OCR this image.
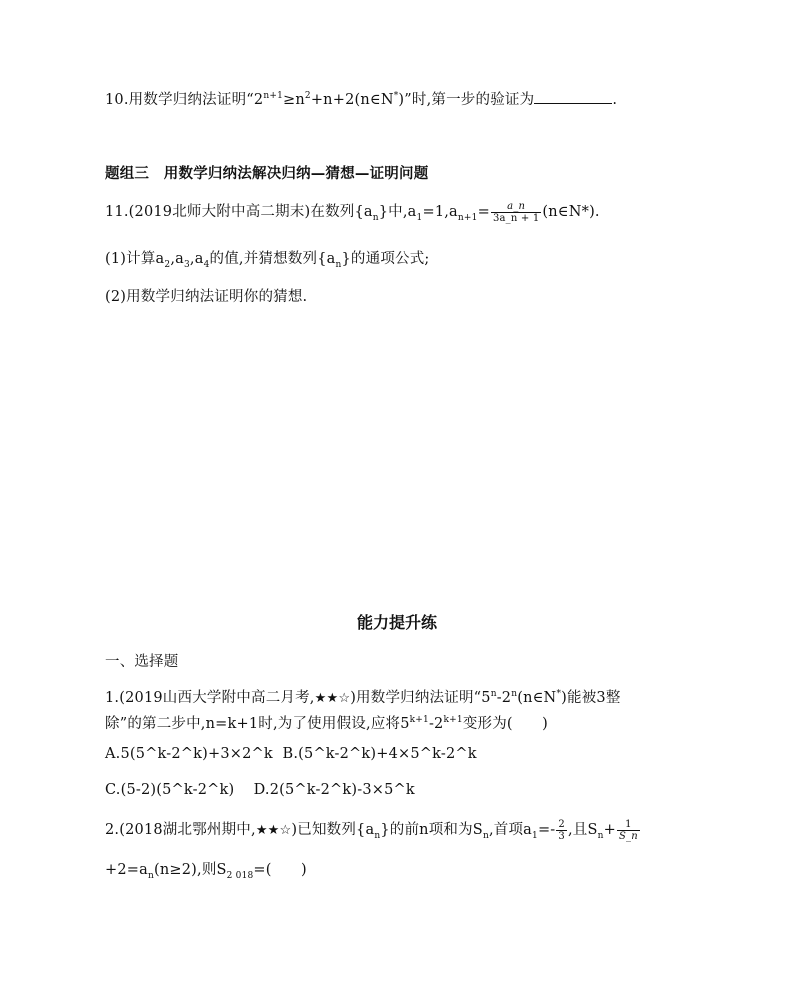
10.用数学归纳法证明“$2^{n+1}\ge n^2+n+2(n\in N^*)$”时,第一步的验证为	.
题组三　用数学归纳法解决归纳—猜想—证明问题
11.(2019北师大附中高二期末)在数列$\{a_n\}$中$,a_1=1,a_{n+1}= \frac{a\_n}{3a\_n + 1}$ (n∈N*).
(1)计算$a_2,a_3,a_4$的值,并猜想数列$\{a_n\}$的通项公式;
(2)用数学归纳法证明你的猜想.
能力提升练
一、选择题
1.(2019山西大学附中高二月考,★★☆)用数学归纳法证明“5$^n$-2$^n$(n∈N*)能被3整
除”的第二步中,n=k+1时,为了使用假设,应将$5^{k+1}-2^{k+1}$变形为(　　)
A.5(5^k-2^k)+3×2^k B.(5^k-2^k)+4×5^k-2^k
C.(5-2)(5^k-2^k) D.2(5^k-2^k)-3×5^k
2.(2018湖北鄂州期中,★★☆)已知数列$\{a_n\}$的前n项和为$S_n$,首项$a_1=- \frac{2}{3}$ ,且$S_n+ \frac{1}{S\_n}$
$+2=a_n(n\ge 2)$,则$S_{2 018}=$(　　)
